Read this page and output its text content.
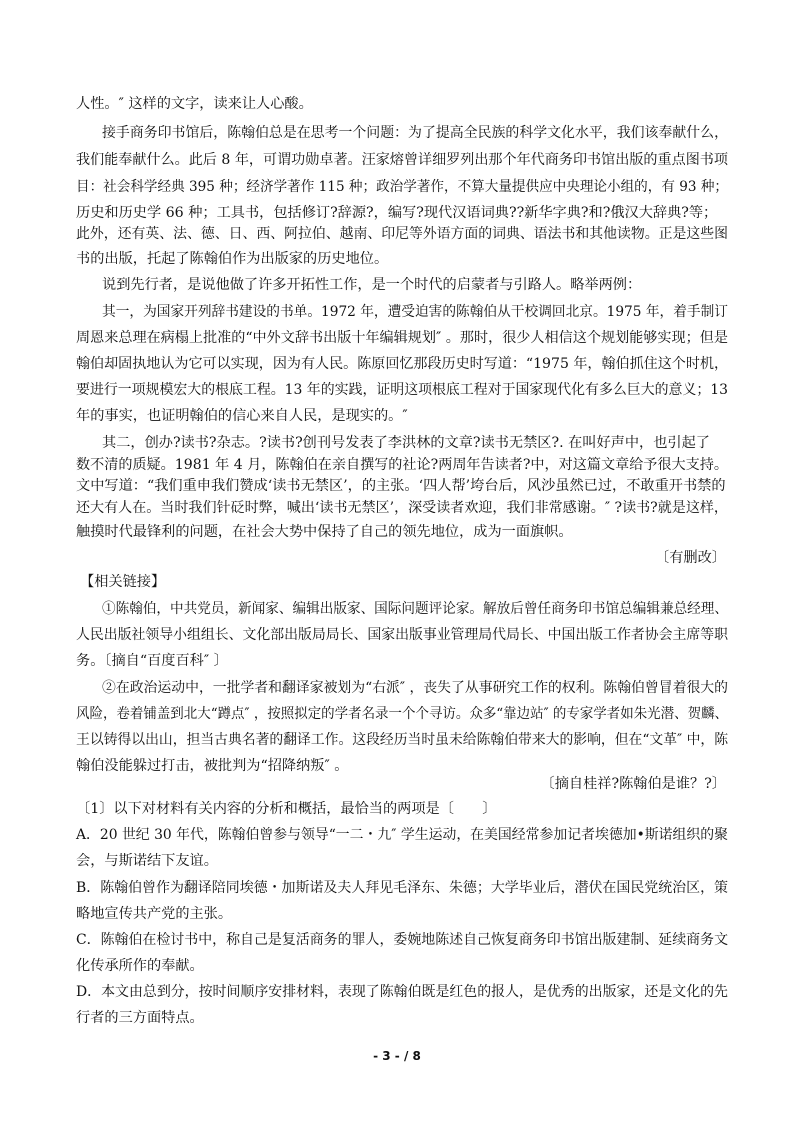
人性。″ 这样的文字，读来让人心酸。
接手商务印书馆后，陈翰伯总是在思考一个问题：为了提高全民族的科学文化水平，我们该奉献什么，
我们能奉献什么。此后 8 年，可谓功勋卓著。汪家熔曾详细罗列出那个年代商务印书馆出版的重点图书项
目：社会科学经典 395 种；经济学著作 115 种；政治学著作，不算大量提供应中央理论小组的，有 93 种；
历史和历史学 66 种；工具书，包括修订?辞源?，编写?现代汉语词典??新华字典?和?俄汉大辞典?等；
此外，还有英、法、德、日、西、阿拉伯、越南、印尼等外语方面的词典、语法书和其他读物。正是这些图
书的出版，托起了陈翰伯作为出版家的历史地位。
说到先行者，是说他做了许多开拓性工作，是一个时代的启蒙者与引路人。略举两例：
其一，为国家开列辞书建设的书单。1972 年，遭受迫害的陈翰伯从干校调回北京。1975 年，着手制订
周恩来总理在病榻上批准的“中外文辞书出版十年编辑规划″ 。那时，很少人相信这个规划能够实现；但是
翰伯却固执地认为它可以实现，因为有人民。陈原回忆那段历史时写道：“1975 年，翰伯抓住这个时机，
要进行一项规模宏大的根底工程。13 年的实践，证明这项根底工程对于国家现代化有多么巨大的意义；13
年的事实，也证明翰伯的信心来自人民，是现实的。″
其二，创办?读书?杂志。?读书?创刊号发表了李洪林的文章?读书无禁区?. 在叫好声中，也引起了
数不清的质疑。1981 年 4 月，陈翰伯在亲自撰写的社论?两周年告读者?中，对这篇文章给予很大支持。
文中写道：“我们重申我们赞成‘读书无禁区’，的主张。‘四人帮’垮台后，风沙虽然已过，不敢重开书禁的
还大有人在。当时我们针砭时弊，喊出‘读书无禁区’，深受读者欢迎，我们非常感谢。″ ?读书?就是这样，
触摸时代最锋利的问题，在社会大势中保持了自己的领先地位，成为一面旗帜。
〔有删改〕
【相关链接】
①陈翰伯，中共党员，新闻家、编辑出版家、国际问题评论家。解放后曾任商务印书馆总编辑兼总经理、
人民出版社领导小组组长、文化部出版局局长、国家出版事业管理局代局长、中国出版工作者协会主席等职
务。〔摘自“百度百科″ 〕
②在政治运动中，一批学者和翻译家被划为“右派″ ，丧失了从事研究工作的权利。陈翰伯曾冒着很大的
风险，卷着铺盖到北大“蹲点″ ，按照拟定的学者名录一个个寻访。众多“靠边站″ 的专家学者如朱光潜、贺麟、
王以铸得以出山，担当古典名著的翻译工作。这段经历当时虽未给陈翰伯带来大的影响，但在“文革″ 中，陈
翰伯没能躲过打击，被批判为“招降纳叛″ 。
〔摘自桂祥?陈翰伯是谁？?〕
〔1〕以下对材料有关内容的分析和概括，最恰当的两项是〔　　〕
A．20 世纪 30 年代，陈翰伯曾参与领导“一二・九″ 学生运动，在美国经常参加记者埃德加•斯诺组织的聚
会，与斯诺结下友谊。
B．陈翰伯曾作为翻译陪同埃德・加斯诺及夫人拜见毛泽东、朱德；大学毕业后，潜伏在国民党统治区，策
略地宣传共产党的主张。
C．陈翰伯在检讨书中，称自己是复活商务的罪人，委婉地陈述自己恢复商务印书馆出版建制、延续商务文
化传承所作的奉献。
D．本文由总到分，按时间顺序安排材料，表现了陈翰伯既是红色的报人，是优秀的出版家，还是文化的先
行者的三方面特点。
- 3 - / 8
